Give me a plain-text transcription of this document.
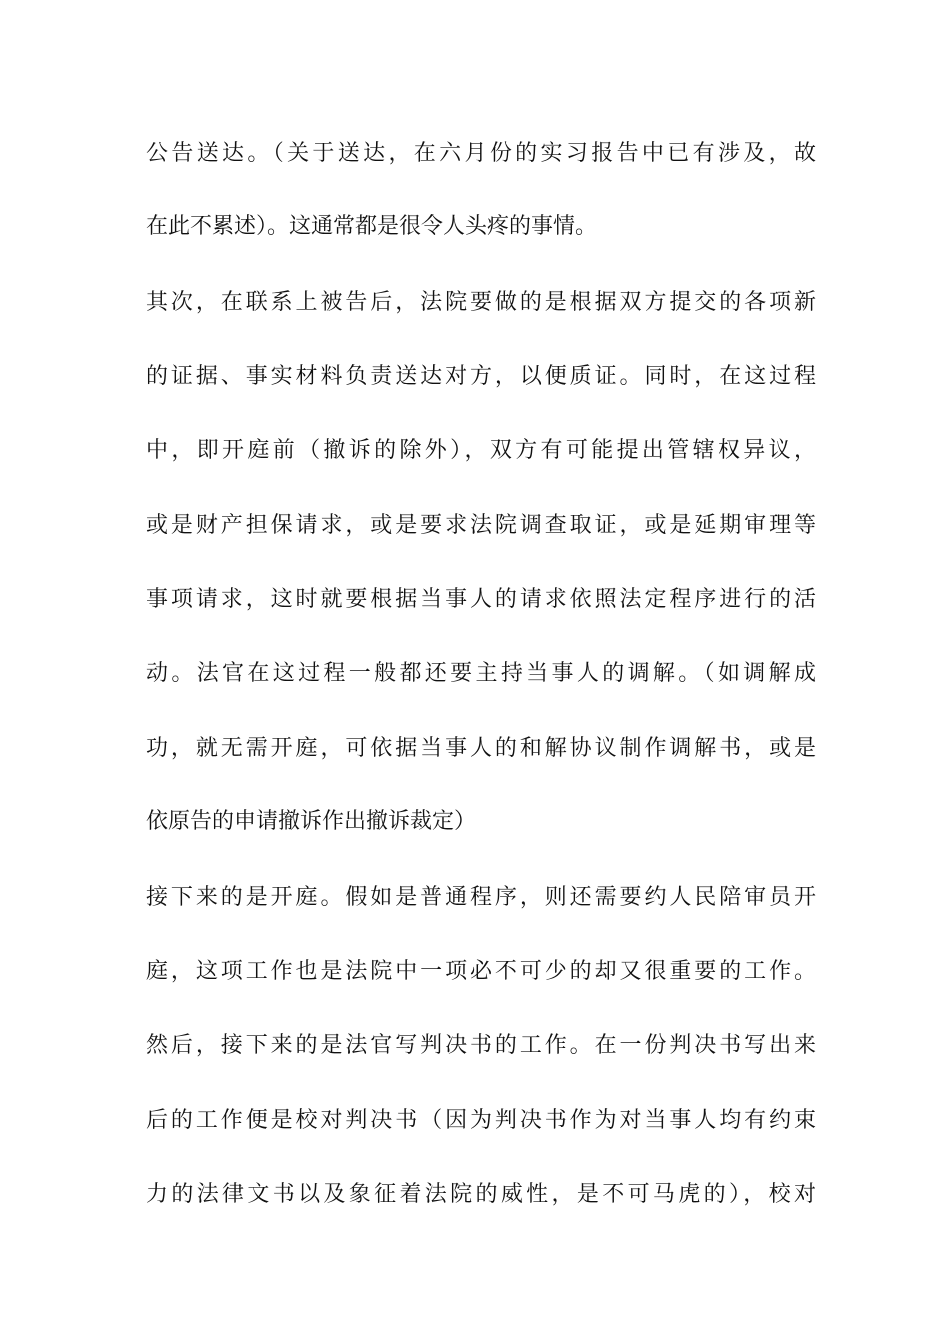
公告送达。（关于送达，在六月份的实习报告中已有涉及，故
在此不累述）。这通常都是很令人头疼的事情。
其次，在联系上被告后，法院要做的是根据双方提交的各项新
的证据、事实材料负责送达对方，以便质证。同时，在这过程
中，即开庭前（撤诉的除外），双方有可能提出管辖权异议，
或是财产担保请求，或是要求法院调查取证，或是延期审理等
事项请求，这时就要根据当事人的请求依照法定程序进行的活
动。法官在这过程一般都还要主持当事人的调解。（如调解成
功，就无需开庭，可依据当事人的和解协议制作调解书，或是
依原告的申请撤诉作出撤诉裁定）
接下来的是开庭。假如是普通程序，则还需要约人民陪审员开
庭，这项工作也是法院中一项必不可少的却又很重要的工作。
然后，接下来的是法官写判决书的工作。在一份判决书写出来
后的工作便是校对判决书（因为判决书作为对当事人均有约束
力的法律文书以及象征着法院的威性，是不可马虎的），校对
